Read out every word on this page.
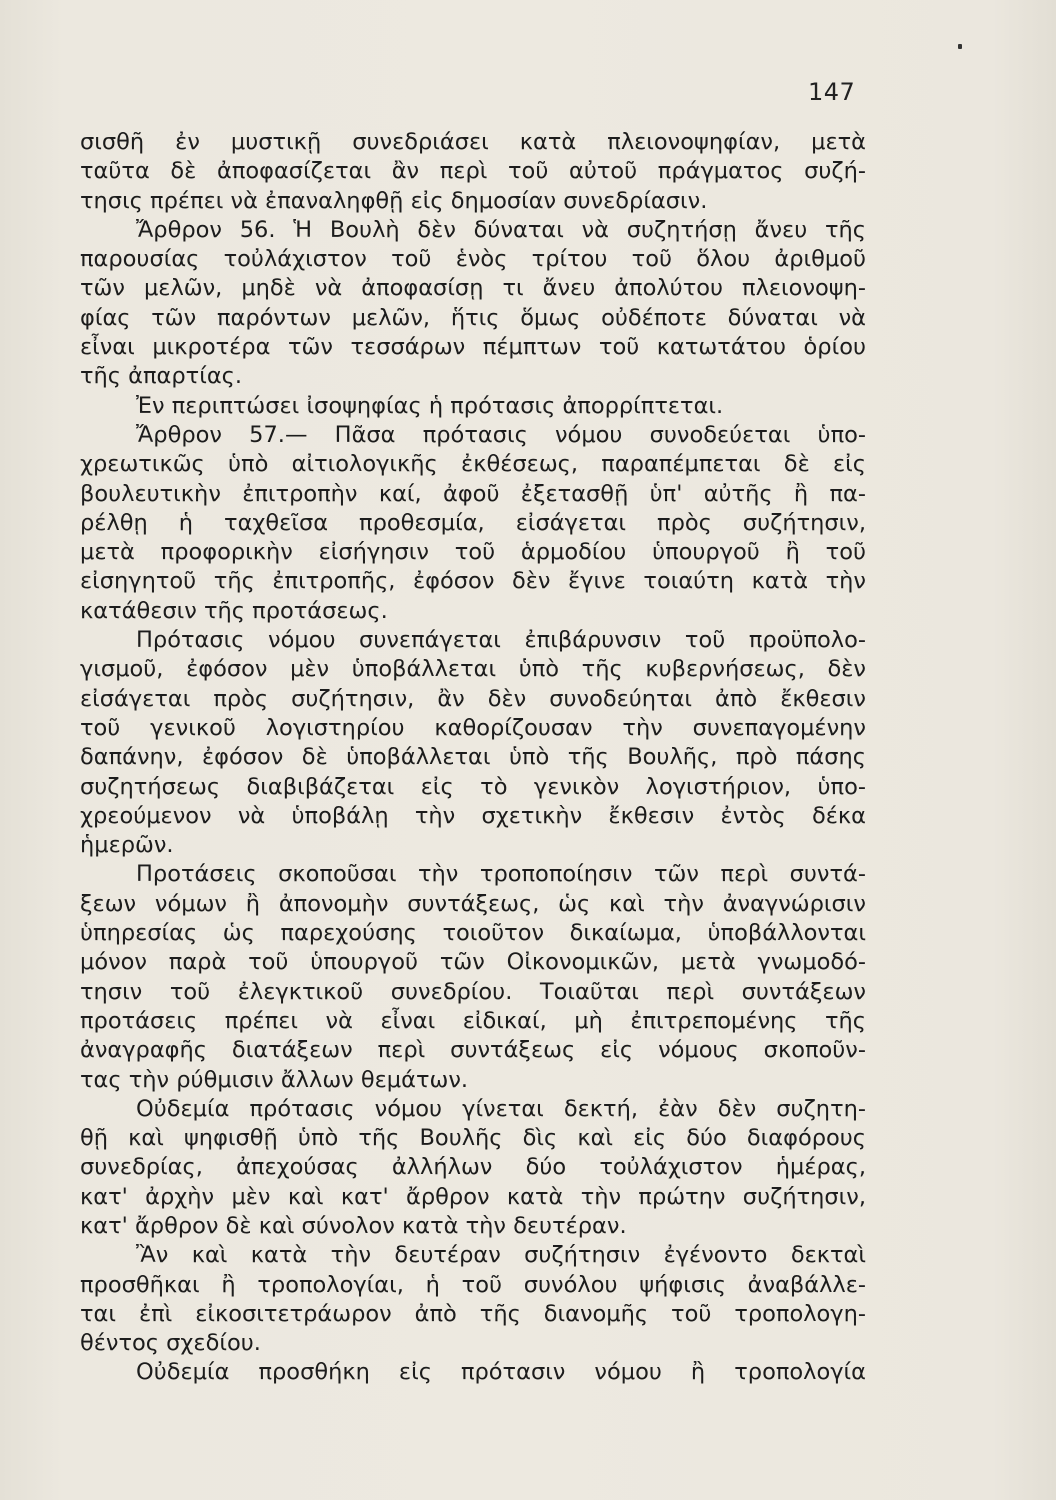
147
σισθῆ ἐν μυστικῇ συνεδριάσει κατὰ πλειονοψηφίαν, μετὰ
ταῦτα δὲ ἀποφασίζεται ἂν περὶ τοῦ αὐτοῦ πράγματος συζή-
τησις πρέπει νὰ ἐπαναληφθῇ εἰς δημοσίαν συνεδρίασιν.
Ἄρθρον 56. Ἡ Βουλὴ δὲν δύναται νὰ συζητήσῃ ἄνευ τῆς
παρουσίας τοὐλάχιστον τοῦ ἑνὸς τρίτου τοῦ ὅλου ἀριθμοῦ
τῶν μελῶν, μηδὲ νὰ ἀποφασίσῃ τι ἄνευ ἀπολύτου πλειονοψη-
φίας τῶν παρόντων μελῶν, ἥτις ὅμως οὐδέποτε δύναται νὰ
εἶναι μικροτέρα τῶν τεσσάρων πέμπτων τοῦ κατωτάτου ὁρίου
τῆς ἀπαρτίας.
Ἐν περιπτώσει ἰσοψηφίας ἡ πρότασις ἀπορρίπτεται.
Ἄρθρον 57.— Πᾶσα πρότασις νόμου συνοδεύεται ὑπο-
χρεωτικῶς ὑπὸ αἰτιολογικῆς ἐκθέσεως, παραπέμπεται δὲ εἰς
βουλευτικὴν ἐπιτροπὴν καί, ἀφοῦ ἐξετασθῇ ὑπ' αὐτῆς ἢ πα-
ρέλθῃ ἡ ταχθεῖσα προθεσμία, εἰσάγεται πρὸς συζήτησιν,
μετὰ προφορικὴν εἰσήγησιν τοῦ ἁρμοδίου ὑπουργοῦ ἢ τοῦ
εἰσηγητοῦ τῆς ἐπιτροπῆς, ἐφόσον δὲν ἔγινε τοιαύτη κατὰ τὴν
κατάθεσιν τῆς προτάσεως.
Πρότασις νόμου συνεπάγεται ἐπιβάρυνσιν τοῦ προϋπολο-
γισμοῦ, ἐφόσον μὲν ὑποβάλλεται ὑπὸ τῆς κυβερνήσεως, δὲν
εἰσάγεται πρὸς συζήτησιν, ἂν δὲν συνοδεύηται ἀπὸ ἔκθεσιν
τοῦ γενικοῦ λογιστηρίου καθορίζουσαν τὴν συνεπαγομένην
δαπάνην, ἐφόσον δὲ ὑποβάλλεται ὑπὸ τῆς Βουλῆς, πρὸ πάσης
συζητήσεως διαβιβάζεται εἰς τὸ γενικὸν λογιστήριον, ὑπο-
χρεούμενον νὰ ὑποβάλῃ τὴν σχετικὴν ἔκθεσιν ἐντὸς δέκα
ἡμερῶν.
Προτάσεις σκοποῦσαι τὴν τροποποίησιν τῶν περὶ συντά-
ξεων νόμων ἢ ἀπονομὴν συντάξεως, ὡς καὶ τὴν ἀναγνώρισιν
ὑπηρεσίας ὡς παρεχούσης τοιοῦτον δικαίωμα, ὑποβάλλονται
μόνον παρὰ τοῦ ὑπουργοῦ τῶν Οἰκονομικῶν, μετὰ γνωμοδό-
τησιν τοῦ ἐλεγκτικοῦ συνεδρίου. Τοιαῦται περὶ συντάξεων
προτάσεις πρέπει νὰ εἶναι εἰδικαί, μὴ ἐπιτρεπομένης τῆς
ἀναγραφῆς διατάξεων περὶ συντάξεως εἰς νόμους σκοποῦν-
τας τὴν ρύθμισιν ἄλλων θεμάτων.
Οὐδεμία πρότασις νόμου γίνεται δεκτή, ἐὰν δὲν συζητη-
θῇ καὶ ψηφισθῇ ὑπὸ τῆς Βουλῆς δὶς καὶ εἰς δύο διαφόρους
συνεδρίας, ἀπεχούσας ἀλλήλων δύο τοὐλάχιστον ἡμέρας,
κατ' ἀρχὴν μὲν καὶ κατ' ἄρθρον κατὰ τὴν πρώτην συζήτησιν,
κατ' ἄρθρον δὲ καὶ σύνολον κατὰ τὴν δευτέραν.
Ἂν καὶ κατὰ τὴν δευτέραν συζήτησιν ἐγένοντο δεκταὶ
προσθῆκαι ἢ τροπολογίαι, ἡ τοῦ συνόλου ψήφισις ἀναβάλλε-
ται ἐπὶ εἰκοσιτετράωρον ἀπὸ τῆς διανομῆς τοῦ τροπολογη-
θέντος σχεδίου.
Οὐδεμία προσθήκη εἰς πρότασιν νόμου ἢ τροπολογία
